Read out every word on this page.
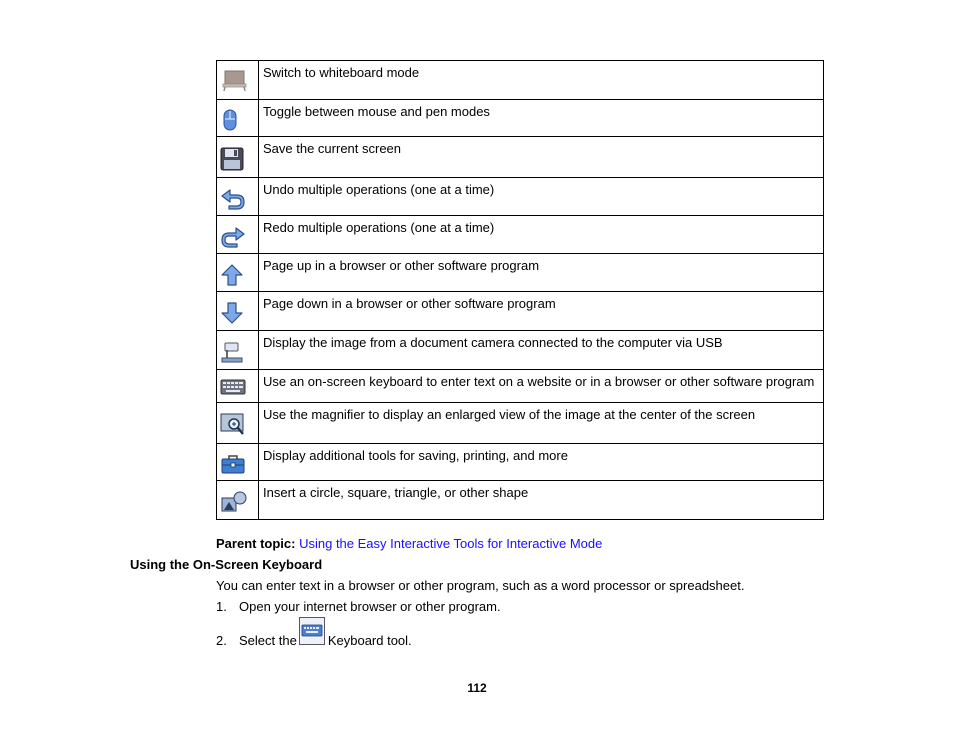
	Switch to whiteboard mode

	Toggle between mouse and pen modes

	Save the current screen

	Undo multiple operations (one at a time)

	Redo multiple operations (one at a time)

	Page up in a browser or other software program

	Page down in a browser or other software program

	Display the image from a document camera connected to the computer via USB

	Use an on-screen keyboard to enter text on a website or in a browser or other software program

	Use the magnifier to display an enlarged view of the image at the center of the screen

	Display additional tools for saving, printing, and more

	Insert a circle, square, triangle, or other shape
Parent topic: Using the Easy Interactive Tools for Interactive Mode
Using the On-Screen Keyboard
You can enter text in a browser or other program, such as a word processor or spreadsheet.
1. Open your internet browser or other program.
2. Select the Keyboard tool.
112
